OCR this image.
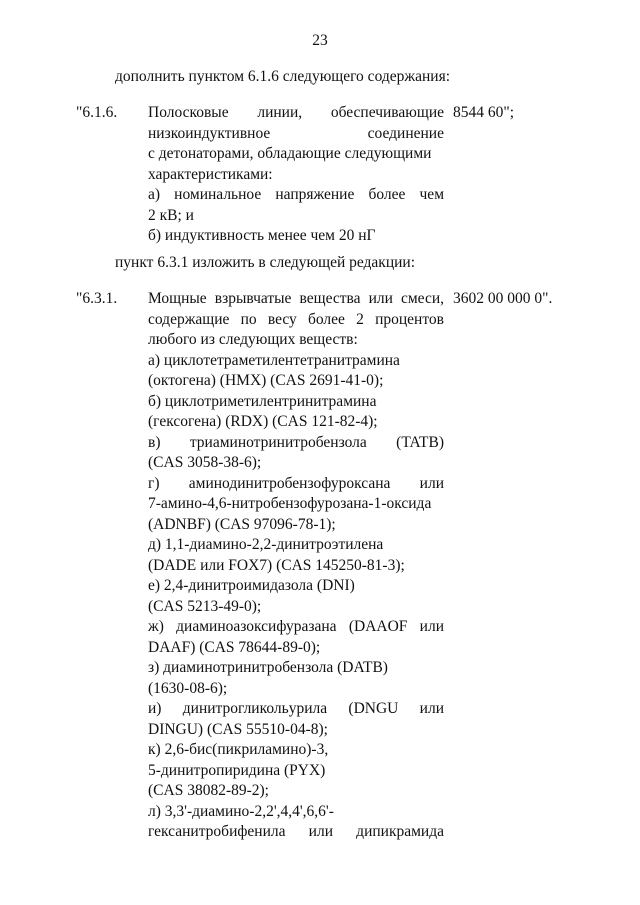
23
дополнить пунктом 6.1.6 следующего содержания:
"6.1.6. Полосковые линии, обеспечивающие
низкоиндуктивное соединение
с детонаторами, обладающие следующими
характеристиками:
а) номинальное напряжение более чем
2 кВ; и
б) индуктивность менее чем 20 нГ
8544 60";
пункт 6.3.1 изложить в следующей редакции:
"6.3.1. Мощные взрывчатые вещества или смеси,
содержащие по весу более 2 процентов
любого из следующих веществ:
а) циклотетраметилентетранитрамина
(октогена) (HMX) (CAS 2691-41-0);
б) циклотриметилентринитрамина
(гексогена) (RDX) (CAS 121-82-4);
в) триаминотринитробензола (TATB)
(CAS 3058-38-6);
г) аминодинитробензофуроксана или
7-амино-4,6-нитробензофурозана-1-оксида
(ADNBF) (CAS 97096-78-1);
д) 1,1-диамино-2,2-динитроэтилена
(DADE или FOX7) (CAS 145250-81-3);
е) 2,4-динитроимидазола (DNI)
(CAS 5213-49-0);
ж) диаминоазоксифуразана (DAAOF или
DAAF) (CAS 78644-89-0);
з) диаминотринитробензола (DATB)
(1630-08-6);
и) динитрогликольурила (DNGU или
DINGU) (CAS 55510-04-8);
к) 2,6-бис(пикриламино)-3,
5-динитропиридина (PYX)
(CAS 38082-89-2);
л) 3,3'-диамино-2,2',4,4',6,6'-
гексанитробифенила или дипикрамида
3602 00 000 0".
